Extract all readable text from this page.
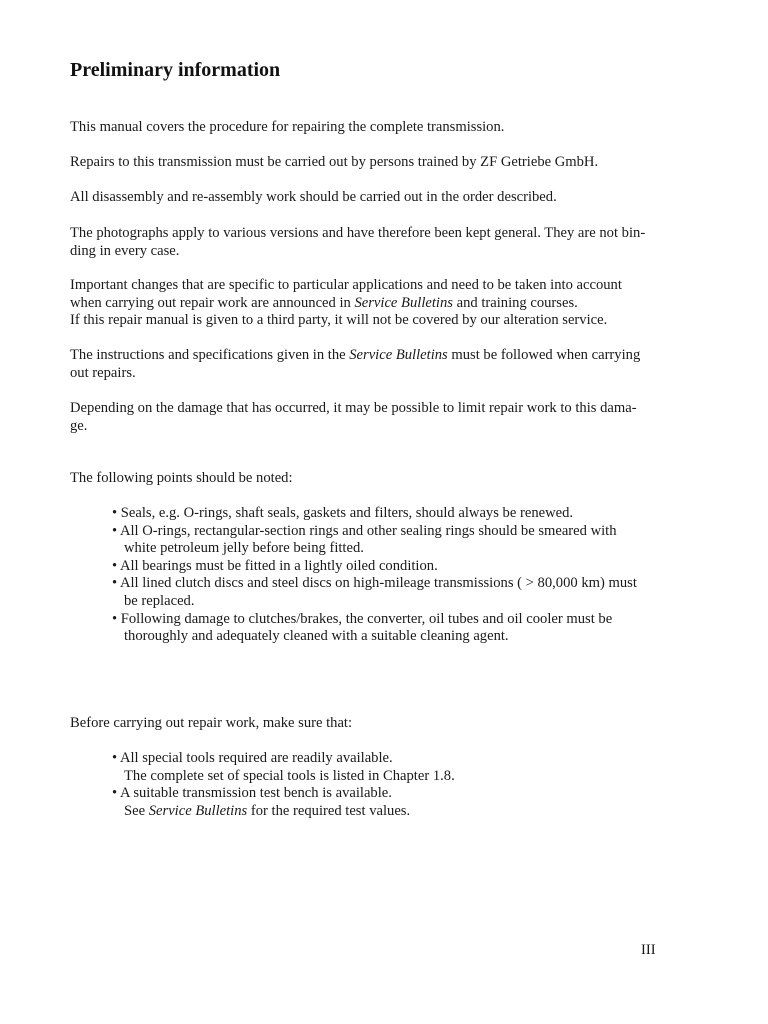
Preliminary information

This manual covers the procedure for repairing the complete transmission.

Repairs to this transmission must be carried out by persons trained by ZF Getriebe GmbH.

All disassembly and re-assembly work should be carried out in the order described.

The photographs apply to various versions and have therefore been kept general. They are not bin-
ding in every case.

Important changes that are specific to particular applications and need to be taken into account
when carrying out repair work are announced in Service Bulletins and training courses.
If this repair manual is given to a third party, it will not be covered by our alteration service.

The instructions and specifications given in the Service Bulletins must be followed when carrying
out repairs.

Depending on the damage that has occurred, it may be possible to limit repair work to this dama-
ge.

The following points should be noted:

• Seals, e.g. O-rings, shaft seals, gaskets and filters, should always be renewed.
• All O-rings, rectangular-section rings and other sealing rings should be smeared with
white petroleum jelly before being fitted.
• All bearings must be fitted in a lightly oiled condition.
• All lined clutch discs and steel discs on high-mileage transmissions ( > 80,000 km) must
be replaced.
• Following damage to clutches/brakes, the converter, oil tubes and oil cooler must be
thoroughly and adequately cleaned with a suitable cleaning agent.

Before carrying out repair work, make sure that:

• All special tools required are readily available.
The complete set of special tools is listed in Chapter 1.8.
• A suitable transmission test bench is available.
See Service Bulletins for the required test values.
III
